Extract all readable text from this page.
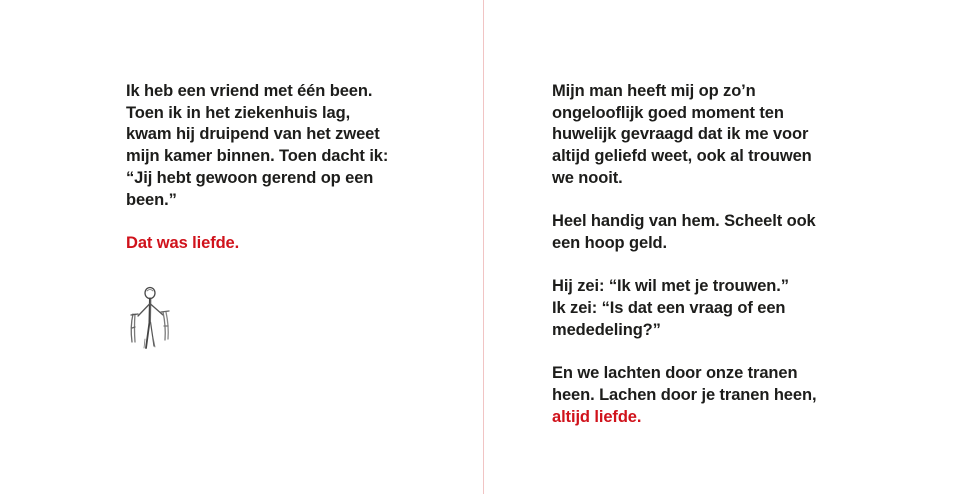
Ik heb een vriend met één been.
Toen ik in het ziekenhuis lag,
kwam hij druipend van het zweet
mijn kamer binnen. Toen dacht ik:
“Jij hebt gewoon gerend op een
been.”

Dat was liefde.

Mijn man heeft mij op zo’n
ongelooflijk goed moment ten
huwelijk gevraagd dat ik me voor
altijd geliefd weet, ook al trouwen
we nooit.

Heel handig van hem. Scheelt ook
een hoop geld.

Hij zei: “Ik wil met je trouwen.”
Ik zei: “Is dat een vraag of een
mededeling?”

En we lachten door onze tranen
heen. Lachen door je tranen heen,
altijd liefde.
